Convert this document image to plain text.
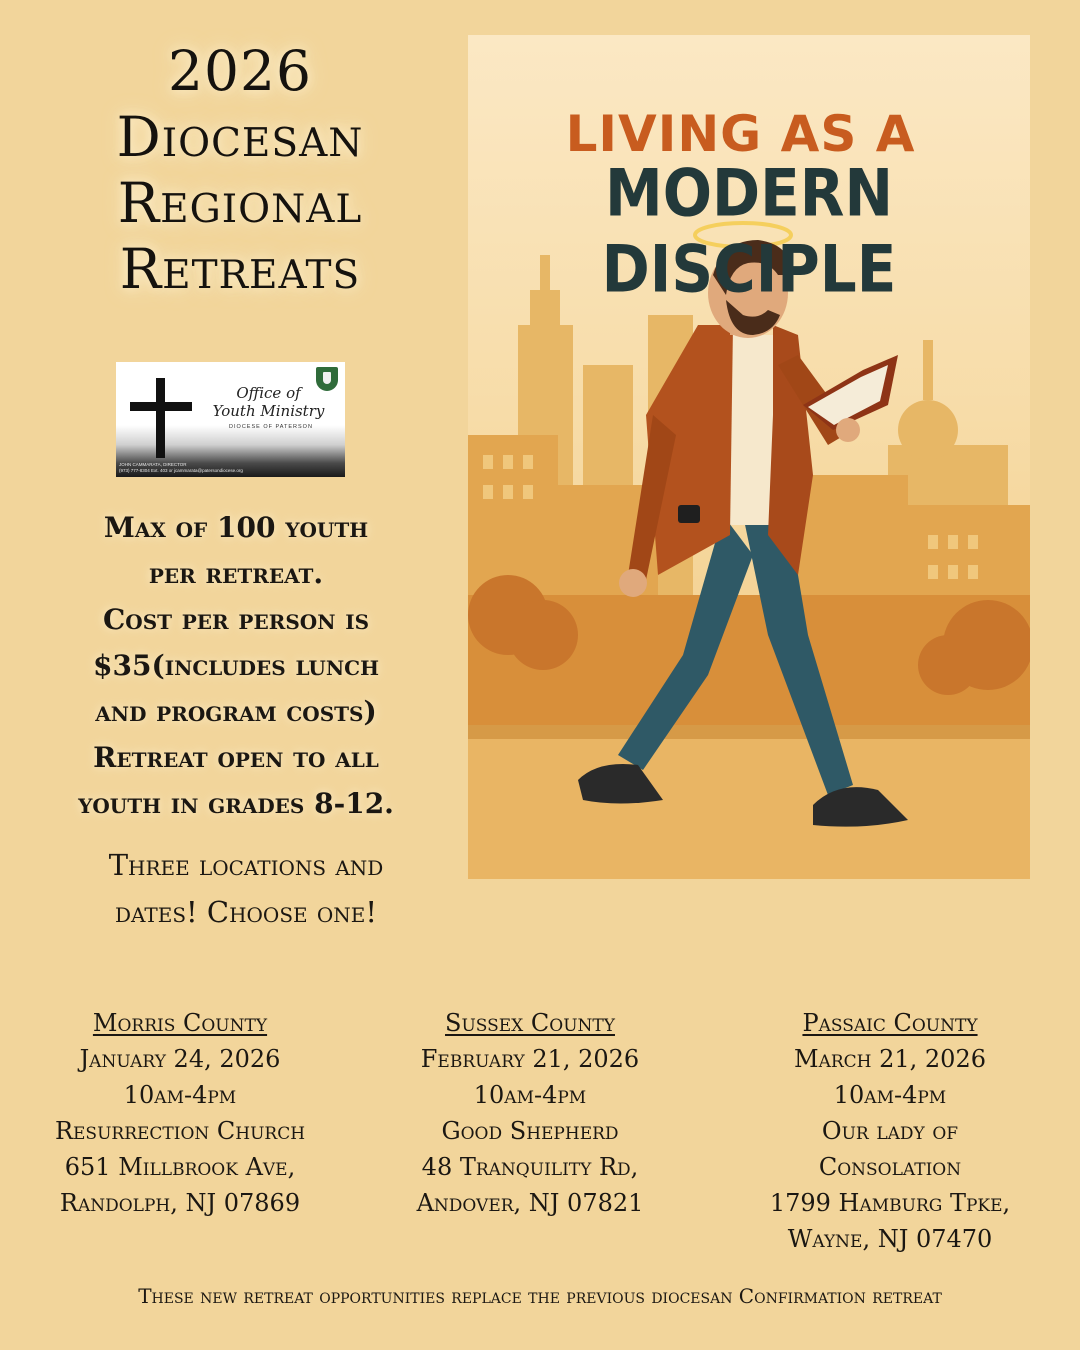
2026
Diocesan
Regional
Retreats
Office of
Youth Ministry
DIOCESE OF PATERSON
JOHN CAMMARATA, DIRECTOR
(973) 777-8304 Ext. 403 or jcammarata@patersondiocese.org
Max of 100 youth
per retreat.
Cost per person is
$35(includes lunch
and program costs)
Retreat open to all
youth in grades 8-12.
Three locations and
dates! Choose one!
LIVING AS A
MODERN DISCIPLE
Morris County
January 24, 2026
10am-4pm
Resurrection Church
651 Millbrook Ave,
Randolph, NJ 07869
Sussex County
February 21, 2026
10am-4pm
Good Shepherd
48 Tranquility Rd,
Andover, NJ 07821
Passaic County
March 21, 2026
10am-4pm
Our lady of
Consolation
1799 Hamburg Tpke,
Wayne, NJ 07470
These new retreat opportunities replace the previous diocesan Confirmation retreat
